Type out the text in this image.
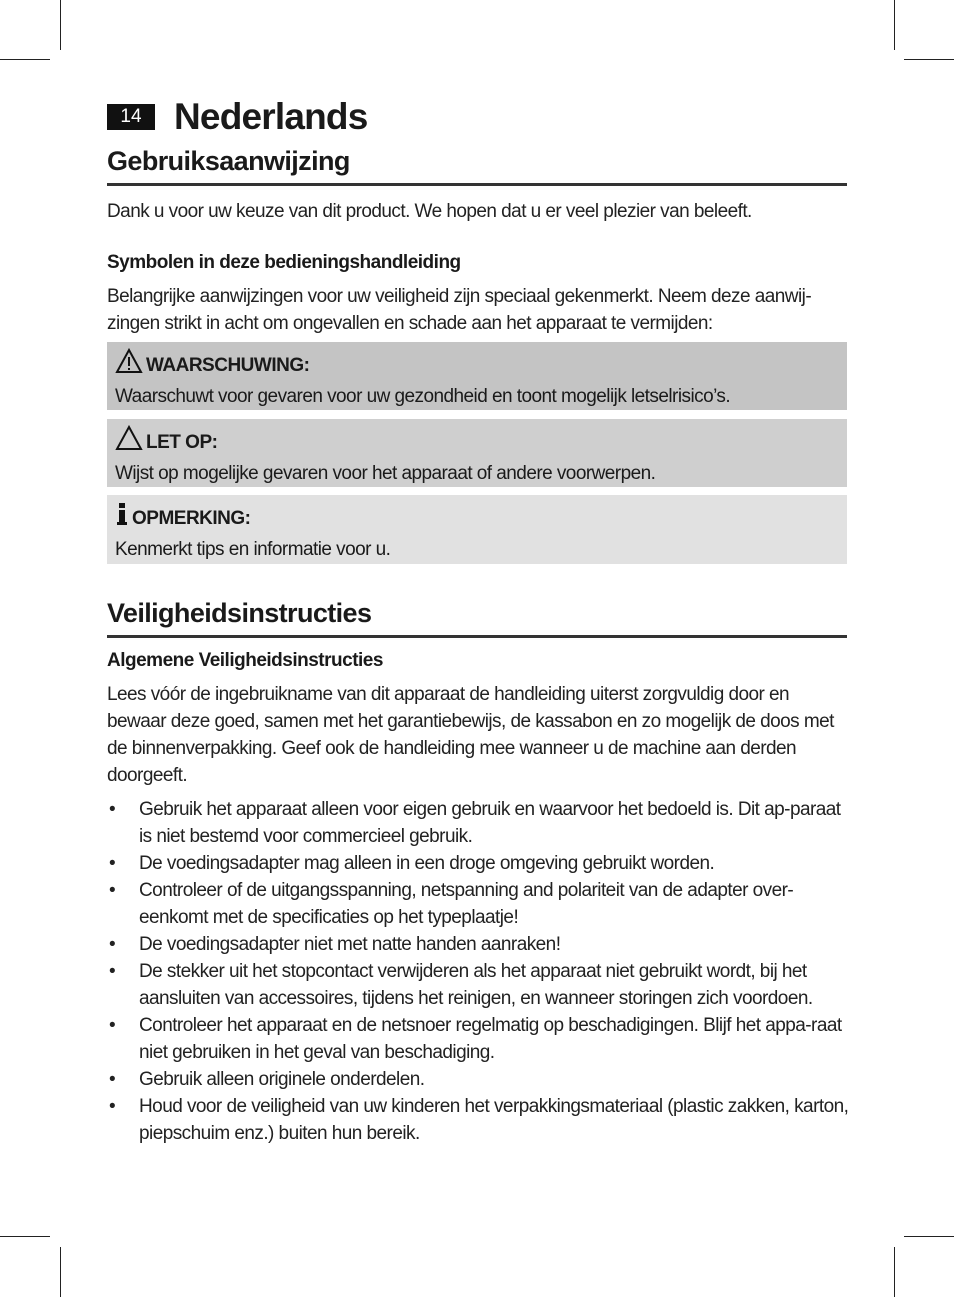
14 Nederlands
Gebruiksaanwijzing
Dank u voor uw keuze van dit product. We hopen dat u er veel plezier van beleeft.
Symbolen in deze bedieningshandleiding
Belangrijke aanwijzingen voor uw veiligheid zijn speciaal gekenmerkt. Neem deze aanwij-zingen strikt in acht om ongevallen en schade aan het apparaat te vermijden:
WAARSCHUWING:
Waarschuwt voor gevaren voor uw gezondheid en toont mogelijk letselrisico’s.
LET OP:
Wijst op mogelijke gevaren voor het apparaat of andere voorwerpen.
OPMERKING:
Kenmerkt tips en informatie voor u.
Veiligheidsinstructies
Algemene Veiligheidsinstructies
Lees vóór de ingebruikname van dit apparaat de handleiding uiterst zorgvuldig door en bewaar deze goed, samen met het garantiebewijs, de kassabon en zo mogelijk de doos met de binnenverpakking. Geef ook de handleiding mee wanneer u de machine aan derden doorgeeft.
• Gebruik het apparaat alleen voor eigen gebruik en waarvoor het bedoeld is. Dit ap-paraat is niet bestemd voor commercieel gebruik.
• De voedingsadapter mag alleen in een droge omgeving gebruikt worden.
• Controleer of de uitgangsspanning, netspanning and polariteit van de adapter over-eenkomt met de specificaties op het typeplaatje!
• De voedingsadapter niet met natte handen aanraken!
• De stekker uit het stopcontact verwijderen als het apparaat niet gebruikt wordt, bij het aansluiten van accessoires, tijdens het reinigen, en wanneer storingen zich voordoen.
• Controleer het apparaat en de netsnoer regelmatig op beschadigingen. Blijf het appa-raat niet gebruiken in het geval van beschadiging.
• Gebruik alleen originele onderdelen.
• Houd voor de veiligheid van uw kinderen het verpakkingsmateriaal (plastic zakken, karton, piepschuim enz.) buiten hun bereik.
